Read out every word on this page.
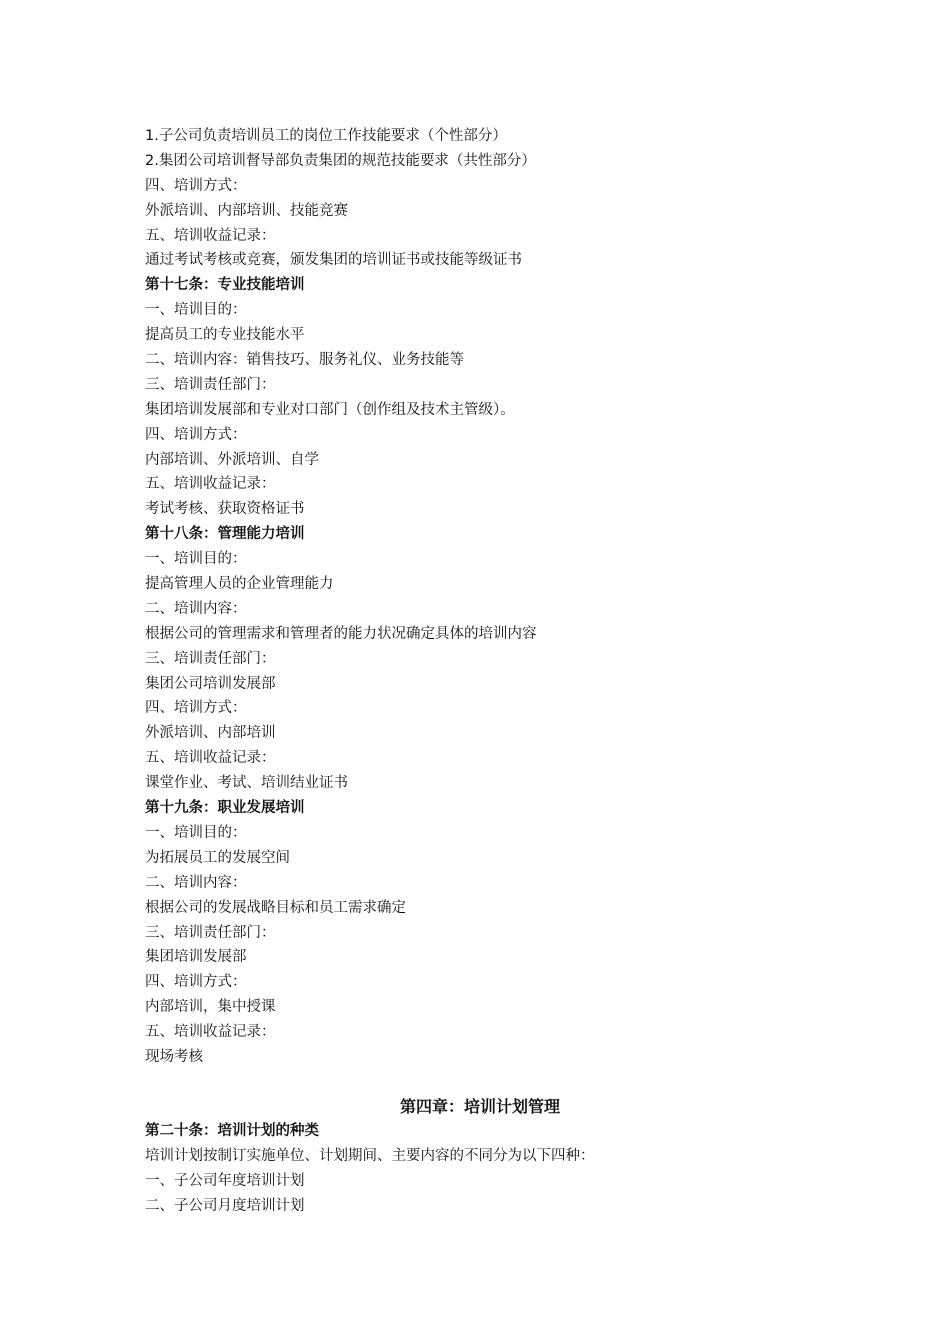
1.子公司负责培训员工的岗位工作技能要求（个性部分）
2.集团公司培训督导部负责集团的规范技能要求（共性部分）
四、培训方式：
外派培训、内部培训、技能竞赛
五、培训收益记录：
通过考试考核或竞赛，颁发集团的培训证书或技能等级证书
第十七条：专业技能培训
一、培训目的：
提高员工的专业技能水平
二、培训内容：销售技巧、服务礼仪、业务技能等
三、培训责任部门：
集团培训发展部和专业对口部门（创作组及技术主管级）。
四、培训方式：
内部培训、外派培训、自学
五、培训收益记录：
考试考核、获取资格证书
第十八条：管理能力培训
一、培训目的：
提高管理人员的企业管理能力
二、培训内容：
根据公司的管理需求和管理者的能力状况确定具体的培训内容
三、培训责任部门：
集团公司培训发展部
四、培训方式：
外派培训、内部培训
五、培训收益记录：
课堂作业、考试、培训结业证书
第十九条：职业发展培训
一、培训目的：
为拓展员工的发展空间
二、培训内容：
根据公司的发展战略目标和员工需求确定
三、培训责任部门：
集团培训发展部
四、培训方式：
内部培训，集中授课
五、培训收益记录：
现场考核
第四章：培训计划管理
第二十条：培训计划的种类
培训计划按制订实施单位、计划期间、主要内容的不同分为以下四种：
一、子公司年度培训计划
二、子公司月度培训计划
